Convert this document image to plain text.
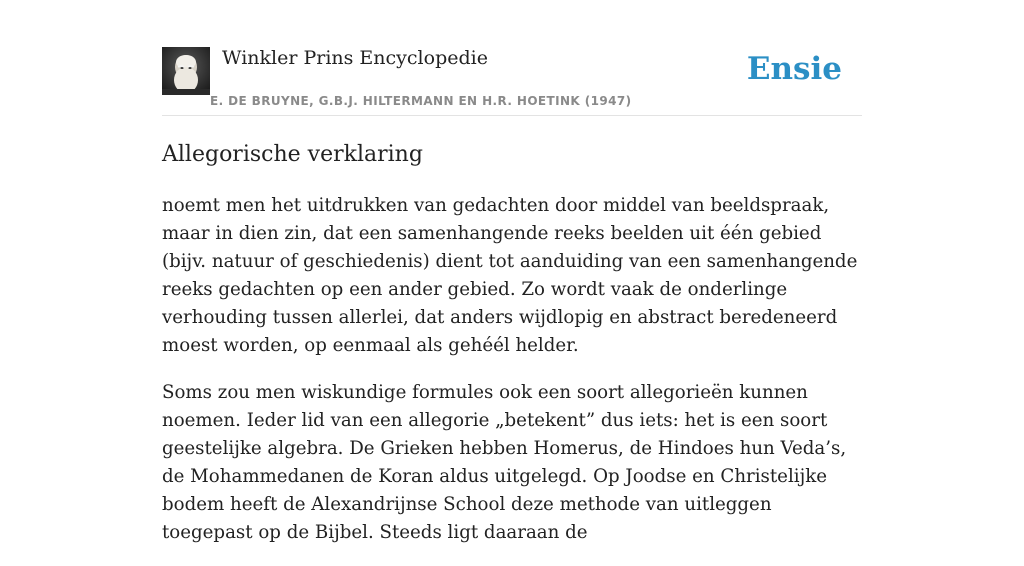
Winkler Prins Encyclopedie
E. DE BRUYNE, G.B.J. HILTERMANN EN H.R. HOETINK (1947)
Ensie
Allegorische verklaring

noemt men het uitdrukken van gedachten door middel van beeldspraak, maar in dien zin, dat een samenhangende reeks beelden uit één gebied (bijv. natuur of geschiedenis) dient tot aanduiding van een samenhangende reeks gedachten op een ander gebied. Zo wordt vaak de onderlinge verhouding tussen allerlei, dat anders wijdlopig en abstract beredeneerd moest worden, op eenmaal als gehéél helder.

Soms zou men wiskundige formules ook een soort allegorieën kunnen noemen. Ieder lid van een allegorie „betekent” dus iets: het is een soort geestelijke algebra. De Grieken hebben Homerus, de Hindoes hun Veda’s, de Mohammedanen de Koran aldus uitgelegd. Op Joodse en Christelijke bodem heeft de Alexandrijnse School deze methode van uitleggen toegepast op de Bijbel. Steeds ligt daaraan de
